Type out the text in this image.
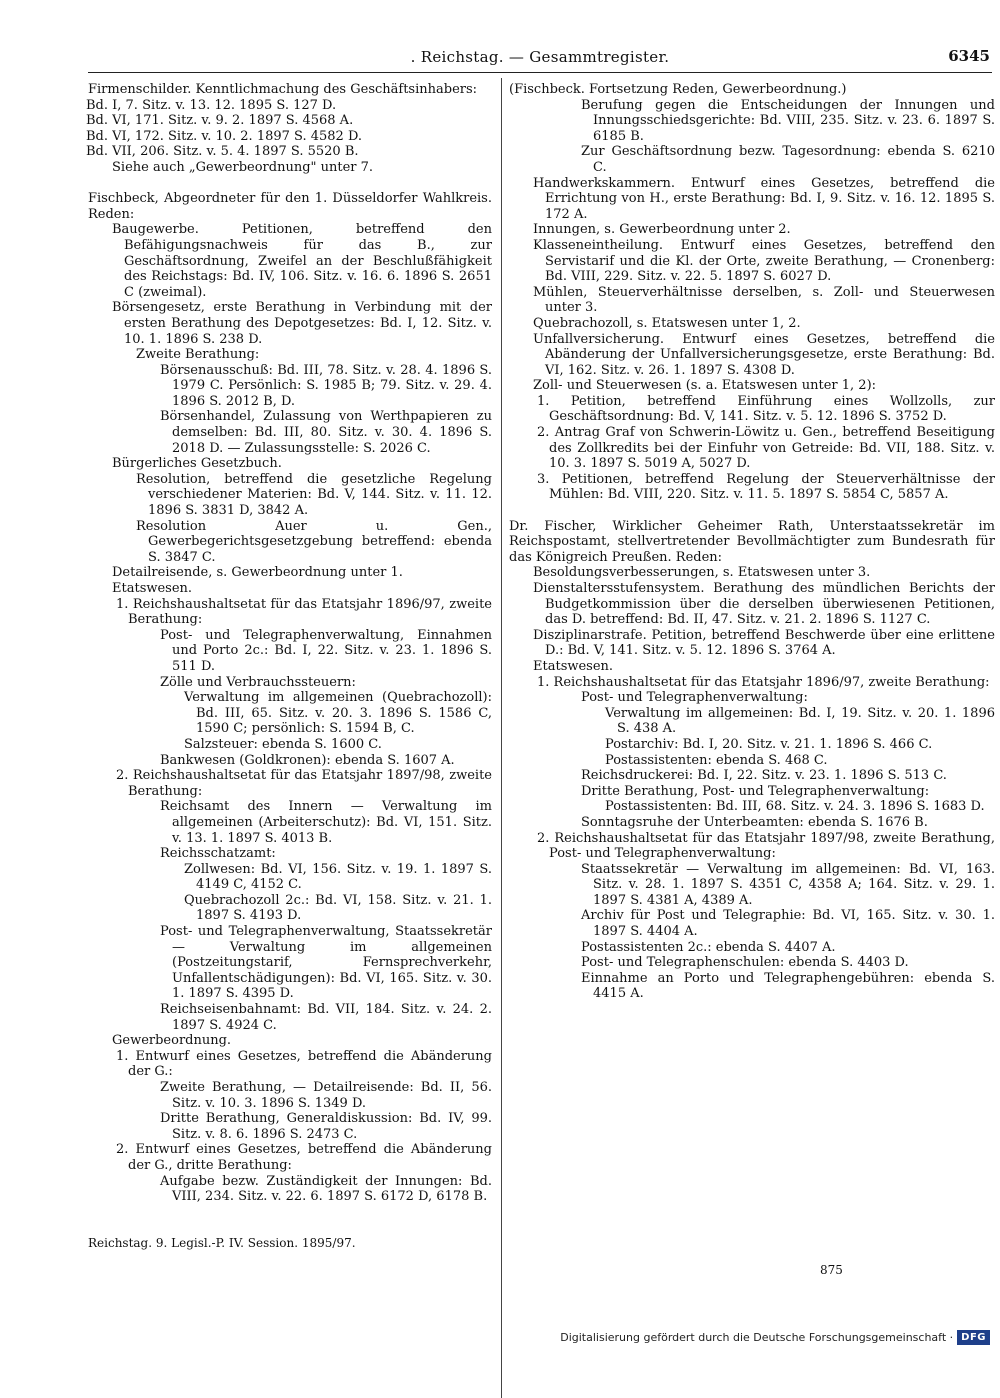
. Reichstag. — Gesammtregister.	6345

Firmenschilder. Kenntlichmachung des Geschäftsinhabers:

Bd. I, 7. Sitz. v. 13. 12. 1895 S. 127 D.

Bd. VI, 171. Sitz. v. 9. 2. 1897 S. 4568 A.

Bd. VI, 172. Sitz. v. 10. 2. 1897 S. 4582 D.

Bd. VII, 206. Sitz. v. 5. 4. 1897 S. 5520 B.

Siehe auch „Gewerbeordnung" unter 7.

Fischbeck, Abgeordneter für den 1. Düsseldorfer Wahlkreis. Reden:

Baugewerbe. Petitionen, betreffend den Befähigungsnachweis für das B., zur Geschäftsordnung, Zweifel an der Beschlußfähigkeit des Reichstags: Bd. IV, 106. Sitz. v. 16. 6. 1896 S. 2651 C (zweimal).

Börsengesetz, erste Berathung in Verbindung mit der ersten Berathung des Depotgesetzes: Bd. I, 12. Sitz. v. 10. 1. 1896 S. 238 D.

Zweite Berathung:

Börsenausschuß: Bd. III, 78. Sitz. v. 28. 4. 1896 S. 1979 C. Persönlich: S. 1985 B; 79. Sitz. v. 29. 4. 1896 S. 2012 B, D.

Börsenhandel, Zulassung von Werthpapieren zu demselben: Bd. III, 80. Sitz. v. 30. 4. 1896 S. 2018 D. — Zulassungsstelle: S. 2026 C.

Bürgerliches Gesetzbuch.

Resolution, betreffend die gesetzliche Regelung verschiedener Materien: Bd. V, 144. Sitz. v. 11. 12. 1896 S. 3831 D, 3842 A.

Resolution Auer u. Gen., Gewerbegerichtsgesetzgebung betreffend: ebenda S. 3847 C.

Detailreisende, s. Gewerbeordnung unter 1.

Etatswesen.

1. Reichshaushaltsetat für das Etatsjahr 1896/97, zweite Berathung:

Post- und Telegraphenverwaltung, Einnahmen und Porto 2c.: Bd. I, 22. Sitz. v. 23. 1. 1896 S. 511 D.

Zölle und Verbrauchssteuern:

Verwaltung im allgemeinen (Quebrachozoll): Bd. III, 65. Sitz. v. 20. 3. 1896 S. 1586 C, 1590 C; persönlich: S. 1594 B, C.

Salzsteuer: ebenda S. 1600 C.

Bankwesen (Goldkronen): ebenda S. 1607 A.

2. Reichshaushaltsetat für das Etatsjahr 1897/98, zweite Berathung:

Reichsamt des Innern — Verwaltung im allgemeinen (Arbeiterschutz): Bd. VI, 151. Sitz. v. 13. 1. 1897 S. 4013 B.

Reichsschatzamt:

Zollwesen: Bd. VI, 156. Sitz. v. 19. 1. 1897 S. 4149 C, 4152 C.

Quebrachozoll 2c.: Bd. VI, 158. Sitz. v. 21. 1. 1897 S. 4193 D.

Post- und Telegraphenverwaltung, Staatssekretär — Verwaltung im allgemeinen (Postzeitungstarif, Fernsprechverkehr, Unfallentschädigungen): Bd. VI, 165. Sitz. v. 30. 1. 1897 S. 4395 D.

Reichseisenbahnamt: Bd. VII, 184. Sitz. v. 24. 2. 1897 S. 4924 C.

Gewerbeordnung.

1. Entwurf eines Gesetzes, betreffend die Abänderung der G.:

Zweite Berathung, — Detailreisende: Bd. II, 56. Sitz. v. 10. 3. 1896 S. 1349 D.

Dritte Berathung, Generaldiskussion: Bd. IV, 99. Sitz. v. 8. 6. 1896 S. 2473 C.

2. Entwurf eines Gesetzes, betreffend die Abänderung der G., dritte Berathung:

Aufgabe bezw. Zuständigkeit der Innungen: Bd. VIII, 234. Sitz. v. 22. 6. 1897 S. 6172 D, 6178 B.

(Fischbeck. Fortsetzung Reden, Gewerbeordnung.)

Berufung gegen die Entscheidungen der Innungen und Innungsschiedsgerichte: Bd. VIII, 235. Sitz. v. 23. 6. 1897 S. 6185 B.

Zur Geschäftsordnung bezw. Tagesordnung: ebenda S. 6210 C.

Handwerkskammern. Entwurf eines Gesetzes, betreffend die Errichtung von H., erste Berathung: Bd. I, 9. Sitz. v. 16. 12. 1895 S. 172 A.

Innungen, s. Gewerbeordnung unter 2.

Klasseneintheilung. Entwurf eines Gesetzes, betreffend den Servistarif und die Kl. der Orte, zweite Berathung, — Cronenberg: Bd. VIII, 229. Sitz. v. 22. 5. 1897 S. 6027 D.

Mühlen, Steuerverhältnisse derselben, s. Zoll- und Steuerwesen unter 3.

Quebrachozoll, s. Etatswesen unter 1, 2.

Unfallversicherung. Entwurf eines Gesetzes, betreffend die Abänderung der Unfallversicherungsgesetze, erste Berathung: Bd. VI, 162. Sitz. v. 26. 1. 1897 S. 4308 D.

Zoll- und Steuerwesen (s. a. Etatswesen unter 1, 2):

1. Petition, betreffend Einführung eines Wollzolls, zur Geschäftsordnung: Bd. V, 141. Sitz. v. 5. 12. 1896 S. 3752 D.

2. Antrag Graf von Schwerin-Löwitz u. Gen., betreffend Beseitigung des Zollkredits bei der Einfuhr von Getreide: Bd. VII, 188. Sitz. v. 10. 3. 1897 S. 5019 A, 5027 D.

3. Petitionen, betreffend Regelung der Steuerverhältnisse der Mühlen: Bd. VIII, 220. Sitz. v. 11. 5. 1897 S. 5854 C, 5857 A.

Dr. Fischer, Wirklicher Geheimer Rath, Unterstaatssekretär im Reichspostamt, stellvertretender Bevollmächtigter zum Bundesrath für das Königreich Preußen. Reden:

Besoldungsverbesserungen, s. Etatswesen unter 3.

Dienstaltersstufensystem. Berathung des mündlichen Berichts der Budgetkommission über die derselben überwiesenen Petitionen, das D. betreffend: Bd. II, 47. Sitz. v. 21. 2. 1896 S. 1127 C.

Disziplinarstrafe. Petition, betreffend Beschwerde über eine erlittene D.: Bd. V, 141. Sitz. v. 5. 12. 1896 S. 3764 A.

Etatswesen.

1. Reichshaushaltsetat für das Etatsjahr 1896/97, zweite Berathung:

Post- und Telegraphenverwaltung:

Verwaltung im allgemeinen: Bd. I, 19. Sitz. v. 20. 1. 1896 S. 438 A.

Postarchiv: Bd. I, 20. Sitz. v. 21. 1. 1896 S. 466 C.

Postassistenten: ebenda S. 468 C.

Reichsdruckerei: Bd. I, 22. Sitz. v. 23. 1. 1896 S. 513 C.

Dritte Berathung, Post- und Telegraphenverwaltung:

Postassistenten: Bd. III, 68. Sitz. v. 24. 3. 1896 S. 1683 D.

Sonntagsruhe der Unterbeamten: ebenda S. 1676 B.

2. Reichshaushaltsetat für das Etatsjahr 1897/98, zweite Berathung, Post- und Telegraphenverwaltung:

Staatssekretär — Verwaltung im allgemeinen: Bd. VI, 163. Sitz. v. 28. 1. 1897 S. 4351 C, 4358 A; 164. Sitz. v. 29. 1. 1897 S. 4381 A, 4389 A.

Archiv für Post und Telegraphie: Bd. VI, 165. Sitz. v. 30. 1. 1897 S. 4404 A.

Postassistenten 2c.: ebenda S. 4407 A.

Post- und Telegraphenschulen: ebenda S. 4403 D.

Einnahme an Porto und Telegraphengebühren: ebenda S. 4415 A.

Reichstag. 9. Legisl.-P. IV. Session. 1895/97.
875
Digitalisierung gefördert durch die Deutsche Forschungsgemeinschaft · DFG
